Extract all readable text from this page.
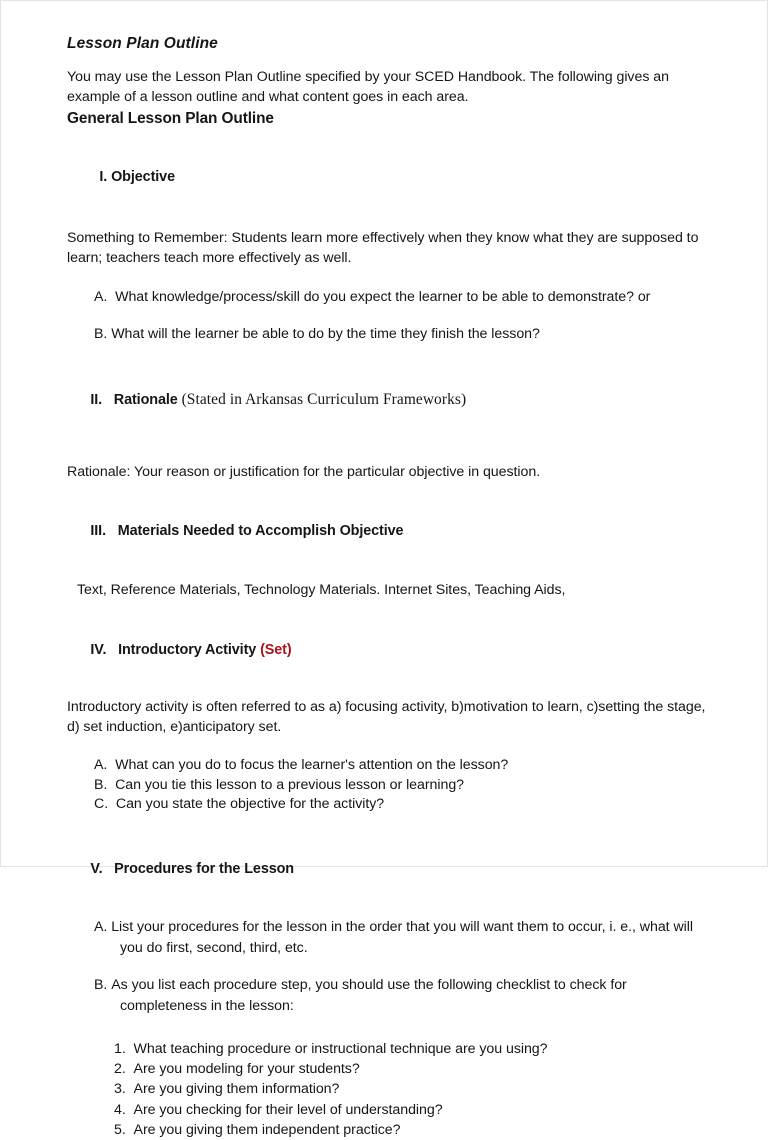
Lesson Plan Outline

You may use the Lesson Plan Outline specified by your SCED Handbook. The following gives an example of a lesson outline and what content goes in each area.

General Lesson Plan Outline

I. Objective

Something to Remember: Students learn more effectively when they know what they are supposed to learn; teachers teach more effectively as well.

A. What knowledge/process/skill do you expect the learner to be able to demonstrate? or

B. What will the learner be able to do by the time they finish the lesson?

II. Rationale (Stated in Arkansas Curriculum Frameworks)

Rationale: Your reason or justification for the particular objective in question.

III. Materials Needed to Accomplish Objective

Text, Reference Materials, Technology Materials. Internet Sites, Teaching Aids,

IV. Introductory Activity (Set)

Introductory activity is often referred to as a) focusing activity, b)motivation to learn, c)setting the stage, d) set induction, e)anticipatory set.

A. What can you do to focus the learner's attention on the lesson?

B. Can you tie this lesson to a previous lesson or learning?

C. Can you state the objective for the activity?

V. Procedures for the Lesson

A. List your procedures for the lesson in the order that you will want them to occur, i. e., what will you do first, second, third, etc.

B. As you list each procedure step, you should use the following checklist to check for completeness in the lesson:

1. What teaching procedure or instructional technique are you using?

2. Are you modeling for your students?

3. Are you giving them information?

4. Are you checking for their level of understanding?

5. Are you giving them independent practice?
